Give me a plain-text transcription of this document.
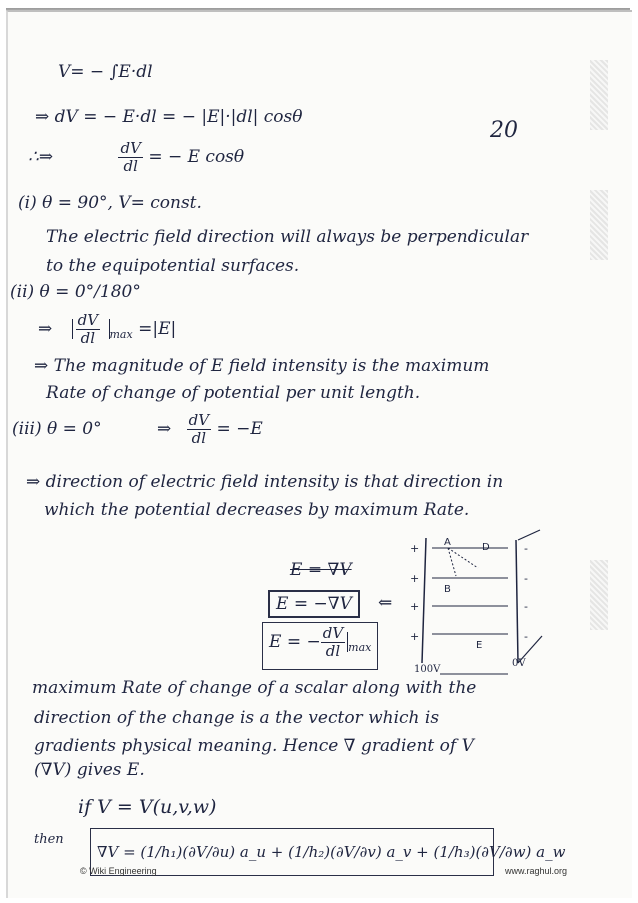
20
V= − ∫E·dl
⇒ dV = − E·dl = − |E|·|dl| cosθ
∴⇒	$\frac{dV}{dl}$ = − E cosθ
(i) θ = 90°, V= const.
The electric field direction will always be perpendicular
to the equipotential surfaces.
(ii) θ = 0°/180°
⇒ $\frac{dV}{dl} _{max} =|E|$
⇒ The magnitude of E field intensity is the maximum
Rate of change of potential per unit length.
(iii) θ = 0°	⇒ $\frac{dV}{dl} = -E$
⇒ direction of electric field intensity is that direction in
which the potential decreases by maximum Rate.
E = ∇V
E = −∇V	⇐
E = − $\frac{dV}{dl} _{max}$
A
B
D
E
+
+
+
+
-
-
-
-
100V
0V
maximum Rate of change of a scalar along with the
direction of the change is a the vector which is
gradients physical meaning. Hence ∇ gradient of V
(∇V) gives E.
if V = V(u,v,w)
then
∇V = (1/h₁)(∂V/∂u) a_u + (1/h₂)(∂V/∂v) a_v + (1/h₃)(∂V/∂w) a_w
© Wiki Engineering	www.raghul.org
